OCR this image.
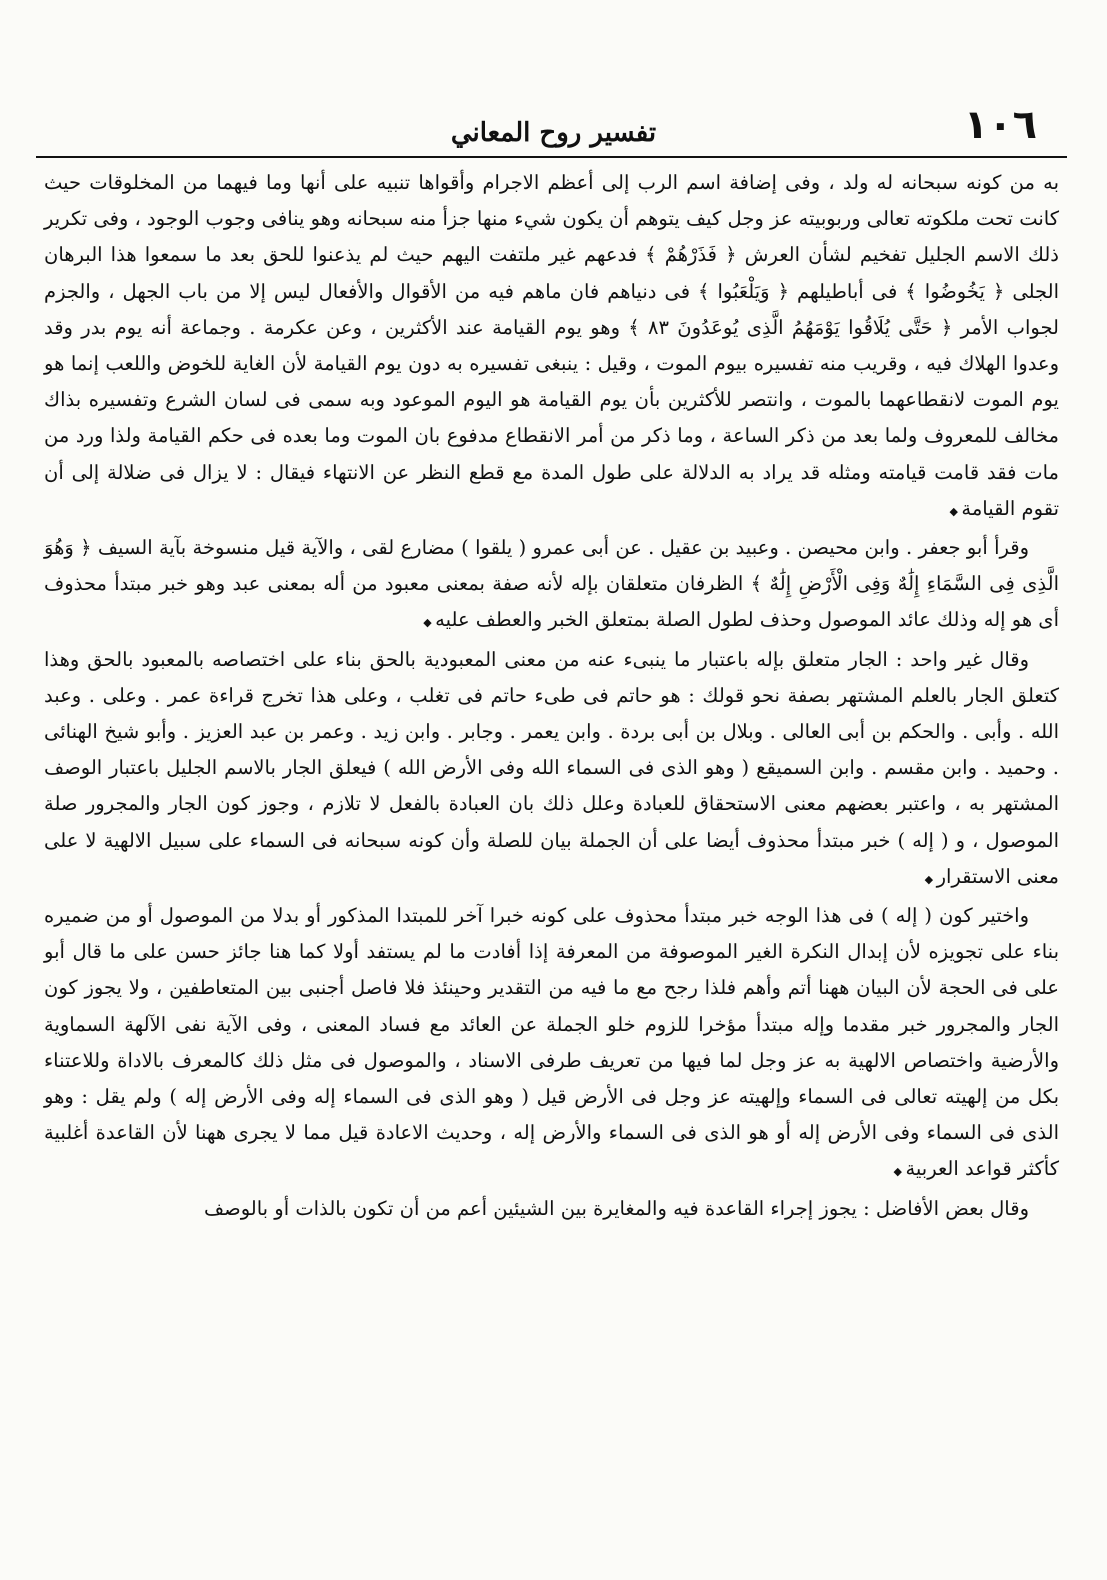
١٠٦
تفسير روح المعاني

به من كونه سبحانه له ولد ، وفى إضافة اسم الرب إلى أعظم الاجرام وأقواها تنبيه على أنها وما فيهما من المخلوقات حيث كانت تحت ملكوته تعالى وربوبيته عز وجل كيف يتوهم أن يكون شيء منها جزأ منه سبحانه وهو ينافى وجوب الوجود ، وفى تكرير ذلك الاسم الجليل تفخيم لشأن العرش ﴿ فَذَرْهُمْ ﴾ فدعهم غير ملتفت اليهم حيث لم يذعنوا للحق بعد ما سمعوا هذا البرهان الجلى ﴿ يَخُوضُوا ﴾ فى أباطيلهم ﴿ وَيَلْعَبُوا ﴾ فى دنياهم فان ماهم فيه من الأقوال والأفعال ليس إلا من باب الجهل ، والجزم لجواب الأمر ﴿ حَتَّى يُلَاقُوا يَوْمَهُمُ الَّذِى يُوعَدُونَ ٨٣ ﴾ وهو يوم القيامة عند الأكثرين ، وعن عكرمة . وجماعة أنه يوم بدر وقد وعدوا الهلاك فيه ، وقريب منه تفسيره بيوم الموت ، وقيل : ينبغى تفسيره به دون يوم القيامة لأن الغاية للخوض واللعب إنما هو يوم الموت لانقطاعهما بالموت ، وانتصر للأكثرين بأن يوم القيامة هو اليوم الموعود وبه سمى فى لسان الشرع وتفسيره بذاك مخالف للمعروف ولما بعد من ذكر الساعة ، وما ذكر من أمر الانقطاع مدفوع بان الموت وما بعده فى حكم القيامة ولذا ورد من مات فقد قامت قيامته ومثله قد يراد به الدلالة على طول المدة مع قطع النظر عن الانتهاء فيقال : لا يزال فى ضلالة إلى أن تقوم القيامة ◆

وقرأ أبو جعفر . وابن محيصن . وعبيد بن عقيل . عن أبى عمرو ( يلقوا ) مضارع لقى ، والآية قيل منسوخة بآية السيف ﴿ وَهُوَ الَّذِى فِى السَّمَاءِ إِلَٰهٌ وَفِى الْأَرْضِ إِلَٰهٌ ﴾ الظرفان متعلقان بإله لأنه صفة بمعنى معبود من أله بمعنى عبد وهو خبر مبتدأ محذوف أى هو إله وذلك عائد الموصول وحذف لطول الصلة بمتعلق الخبر والعطف عليه ◆

وقال غير واحد : الجار متعلق بإله باعتبار ما ينبىء عنه من معنى المعبودية بالحق بناء على اختصاصه بالمعبود بالحق وهذا كتعلق الجار بالعلم المشتهر بصفة نحو قولك : هو حاتم فى طىء حاتم فى تغلب ، وعلى هذا تخرج قراءة عمر . وعلى . وعبد الله . وأبى . والحكم بن أبى العالى . وبلال بن أبى بردة . وابن يعمر . وجابر . وابن زيد . وعمر بن عبد العزيز . وأبو شيخ الهنائى . وحميد . وابن مقسم . وابن السميقع ( وهو الذى فى السماء الله وفى الأرض الله ) فيعلق الجار بالاسم الجليل باعتبار الوصف المشتهر به ، واعتبر بعضهم معنى الاستحقاق للعبادة وعلل ذلك بان العبادة بالفعل لا تلازم ، وجوز كون الجار والمجرور صلة الموصول ، و ( إله ) خبر مبتدأ محذوف أيضا على أن الجملة بيان للصلة وأن كونه سبحانه فى السماء على سبيل الالهية لا على معنى الاستقرار ◆

واختير كون ( إله ) فى هذا الوجه خبر مبتدأ محذوف على كونه خبرا آخر للمبتدا المذكور أو بدلا من الموصول أو من ضميره بناء على تجويزه لأن إبدال النكرة الغير الموصوفة من المعرفة إذا أفادت ما لم يستفد أولا كما هنا جائز حسن على ما قال أبو على فى الحجة لأن البيان ههنا أتم وأهم فلذا رجح مع ما فيه من التقدير وحينئذ فلا فاصل أجنبى بين المتعاطفين ، ولا يجوز كون الجار والمجرور خبر مقدما وإله مبتدأ مؤخرا للزوم خلو الجملة عن العائد مع فساد المعنى ، وفى الآية نفى الآلهة السماوية والأرضية واختصاص الالهية به عز وجل لما فيها من تعريف طرفى الاسناد ، والموصول فى مثل ذلك كالمعرف بالاداة وللاعتناء بكل من إلهيته تعالى فى السماء وإلهيته عز وجل فى الأرض قيل ( وهو الذى فى السماء إله وفى الأرض إله ) ولم يقل : وهو الذى فى السماء وفى الأرض إله أو هو الذى فى السماء والأرض إله ، وحديث الاعادة قيل مما لا يجرى ههنا لأن القاعدة أغلبية كأكثر قواعد العربية ◆

وقال بعض الأفاضل : يجوز إجراء القاعدة فيه والمغايرة بين الشيئين أعم من أن تكون بالذات أو بالوصف
